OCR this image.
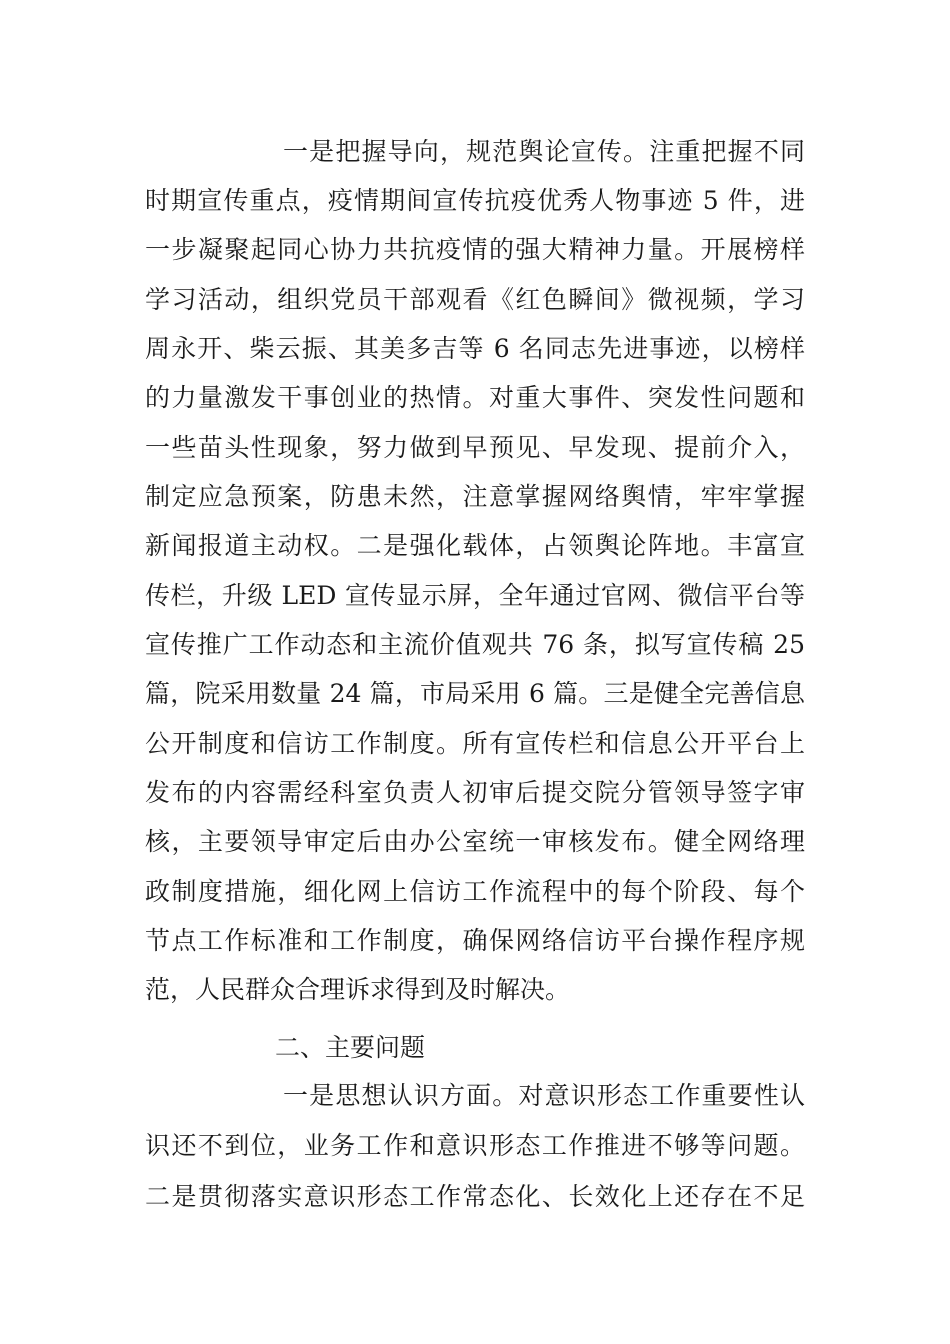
一是把握导向，规范舆论宣传。注重把握不同
时期宣传重点，疫情期间宣传抗疫优秀人物事迹 5 件，进
一步凝聚起同心协力共抗疫情的强大精神力量。开展榜样
学习活动，组织党员干部观看《红色瞬间》微视频，学习
周永开、柴云振、其美多吉等 6 名同志先进事迹，以榜样
的力量激发干事创业的热情。对重大事件、突发性问题和
一些苗头性现象，努力做到早预见、早发现、提前介入，
制定应急预案，防患未然，注意掌握网络舆情，牢牢掌握
新闻报道主动权。二是强化载体，占领舆论阵地。丰富宣
传栏，升级 LED 宣传显示屏，全年通过官网、微信平台等
宣传推广工作动态和主流价值观共 76 条，拟写宣传稿 25
篇，院采用数量 24 篇，市局采用 6 篇。三是健全完善信息
公开制度和信访工作制度。所有宣传栏和信息公开平台上
发布的内容需经科室负责人初审后提交院分管领导签字审
核，主要领导审定后由办公室统一审核发布。健全网络理
政制度措施，细化网上信访工作流程中的每个阶段、每个
节点工作标准和工作制度，确保网络信访平台操作程序规
范，人民群众合理诉求得到及时解决。
二、主要问题
一是思想认识方面。对意识形态工作重要性认
识还不到位，业务工作和意识形态工作推进不够等问题。
二是贯彻落实意识形态工作常态化、长效化上还存在不足
